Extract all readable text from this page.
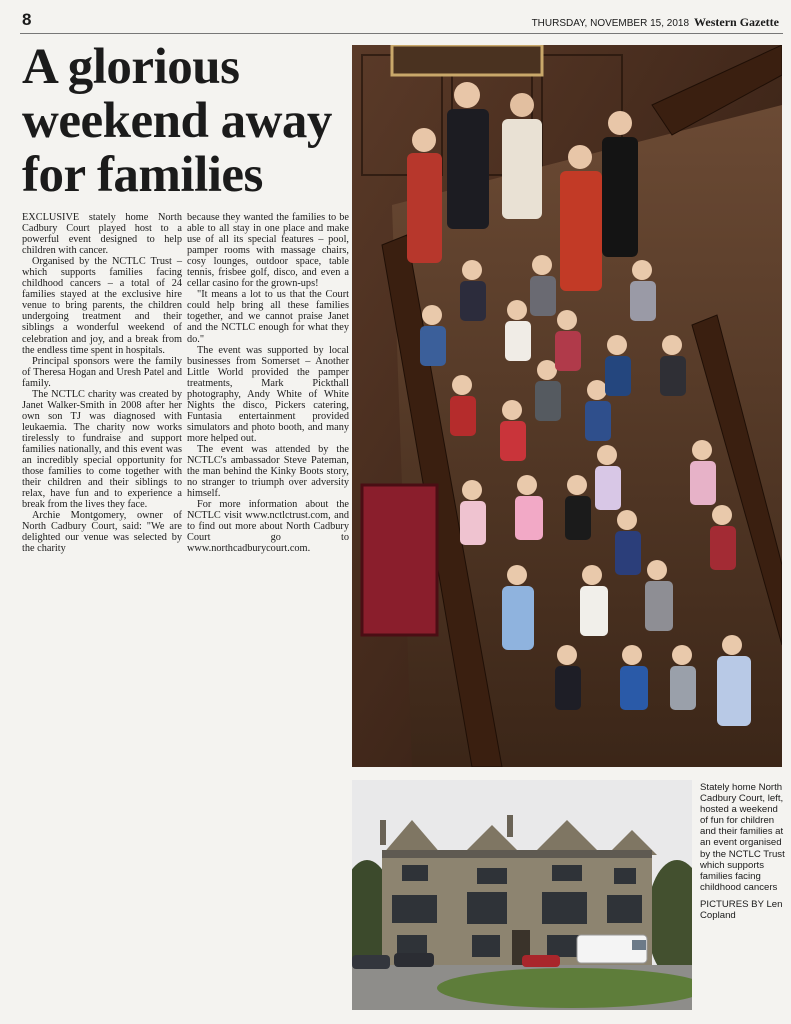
8	THURSDAY, NOVEMBER 15, 2018 Western Gazette
A glorious
weekend away
for families

EXCLUSIVE stately home North Cadbury Court played host to a powerful event designed to help children with cancer.

Organised by the NCTLC Trust – which supports families facing childhood cancers – a total of 24 families stayed at the exclusive hire venue to bring parents, the children undergoing treatment and their siblings a wonderful weekend of celebration and joy, and a break from the endless time spent in hospitals.

Principal sponsors were the family of Theresa Hogan and Uresh Patel and family.

The NCTLC charity was created by Janet Walker-Smith in 2008 after her own son TJ was diagnosed with leukaemia. The charity now works tirelessly to fundraise and support families nationally, and this event was an incredibly special opportunity for those families to come together with their children and their siblings to relax, have fun and to experience a break from the lives they face.

Archie Montgomery, owner of North Cadbury Court, said: "We are delighted our venue was selected by the charity

because they wanted the families to be able to all stay in one place and make use of all its special features – pool, pamper rooms with massage chairs, cosy lounges, outdoor space, table tennis, frisbee golf, disco, and even a cellar casino for the grown-ups!

"It means a lot to us that the Court could help bring all these families together, and we cannot praise Janet and the NCTLC enough for what they do."

The event was supported by local businesses from Somerset – Another Little World provided the pamper treatments, Mark Pickthall photography, Andy White of White Nights the disco, Pickers catering, Funtasia entertainment provided simulators and photo booth, and many more helped out.

The event was attended by the NCTLC's ambassador Steve Pateman, the man behind the Kinky Boots story, no stranger to triumph over adversity himself.

For more information about the NCTLC visit www.nctlctrust.com, and to find out more about North Cadbury Court go to www.northcadburycourt.com.

Stately home North Cadbury Court, left, hosted a weekend of fun for children and their families at an event organised by the NCTLC Trust which supports families facing childhood cancers

PICTURES BY Len Copland
